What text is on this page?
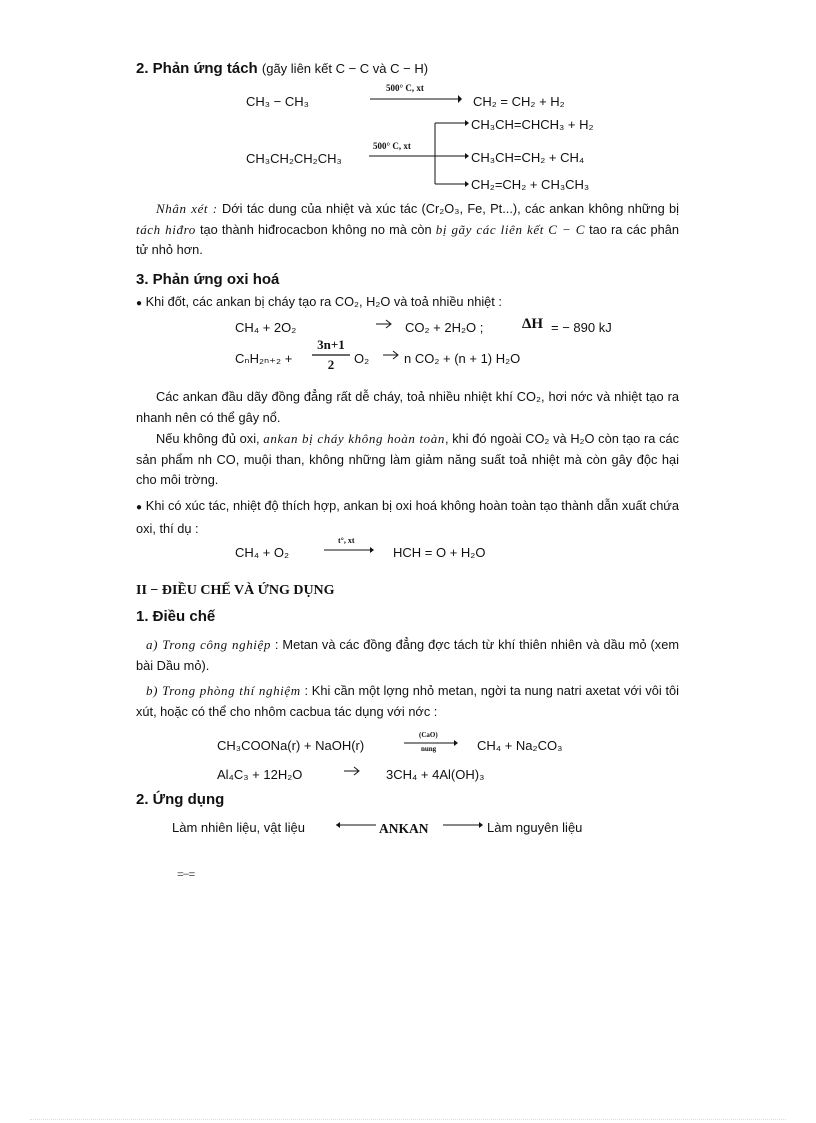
2. Phản ứng tách (gãy liên kết C − C và C − H)
CH₃ − CH₃
500° C, xt
CH₂ = CH₂ + H₂
CH₃CH₂CH₂CH₃
500° C, xt
CH₃CH=CHCH₃ + H₂
CH₃CH=CH₂ + CH₄
CH₂=CH₂ + CH₃CH₃
Nhân xét : Dới tác dung của nhiệt và xúc tác (Cr₂O₃, Fe, Pt...), các ankan không những bị tách hiđro tạo thành hiđrocacbon không no mà còn bị gãy các liên kết C − C tao ra các phân tử nhỏ hơn.
3. Phản ứng oxi hoá
● Khi đốt, các ankan bị cháy tạo ra CO₂, H₂O và toả nhiều nhiệt :
CH₄ + 2O₂	CO₂ + 2H₂O ;	ΔH = − 890 kJ
CₙH₂ₙ₊₂ +
3n+1
2	O₂	n CO₂ + (n + 1) H₂O
Các ankan đầu dãy đồng đẳng rất dễ cháy, toả nhiều nhiệt khí CO₂, hơi nớc và nhiệt tạo ra nhanh nên có thể gây nổ.
Nếu không đủ oxi, ankan bị cháy không hoàn toàn, khi đó ngoài CO₂ và H₂O còn tạo ra các sản phẩm nh CO, muội than, không những làm giảm năng suất toả nhiệt mà còn gây độc hại cho môi trờng.
● Khi có xúc tác, nhiệt độ thích hợp, ankan bị oxi hoá không hoàn toàn tạo thành dẫn xuất chứa oxi, thí dụ :
CH₄ + O₂
t°, xt
HCH = O + H₂O
II − ĐIỀU CHẾ VÀ ỨNG DỤNG
1. Điều chế
a) Trong công nghiệp : Metan và các đồng đẳng đợc tách từ khí thiên nhiên và dầu mỏ (xem bài Dầu mỏ).
b) Trong phòng thí nghiệm : Khi cần một lợng nhỏ metan, ngời ta nung natri axetat với vôi tôi xút, hoặc có thể cho nhôm cacbua tác dụng với nớc :
CH₃COONa(r) + NaOH(r)
(CaO)
nung	CH₄ + Na₂CO₃
Al₄C₃ + 12H₂O	3CH₄ + 4Al(OH)₃
2. Ứng dụng
Làm nhiên liệu, vật liệu	ANKAN	Làm nguyên liệu
=−=
